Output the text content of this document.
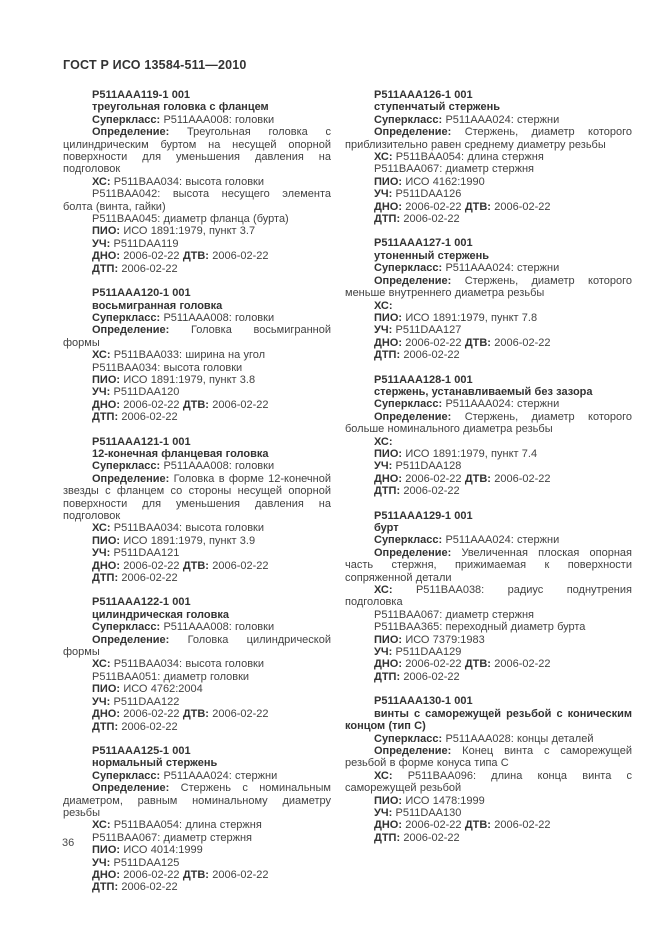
ГОСТ Р ИСО 13584-511—2010

P511AAA119-1 001

треугольная головка с фланцем

Суперкласс: P511AAA008: головки

Определение: Треугольная головка с цилиндрическим буртом на несущей опорной поверхности для уменьшения давления на подголовок

ХС: P511BAA034: высота головки

P511BAA042: высота несущего элемента болта (винта, гайки)

P511BAA045: диаметр фланца (бурта)

ПИО: ИСО 1891:1979, пункт 3.7

УЧ: P511DAA119

ДНО: 2006-02-22 ДТВ: 2006-02-22

ДТП: 2006-02-22

P511AAA120-1 001

восьмигранная головка

Суперкласс: P511AAA008: головки

Определение: Головка восьмигранной формы

ХС: P511BAA033: ширина на угол

P511BAA034: высота головки

ПИО: ИСО 1891:1979, пункт 3.8

УЧ: P511DAA120

ДНО: 2006-02-22 ДТВ: 2006-02-22

ДТП: 2006-02-22

P511AAA121-1 001

12-конечная фланцевая головка

Суперкласс: P511AAA008: головки

Определение: Головка в форме 12-конечной звезды с фланцем со стороны несущей опорной поверхности для уменьшения давления на подголовок

ХС: P511BAA034: высота головки

ПИО: ИСО 1891:1979, пункт 3.9

УЧ: P511DAA121

ДНО: 2006-02-22 ДТВ: 2006-02-22

ДТП: 2006-02-22

P511AAA122-1 001

цилиндрическая головка

Суперкласс: P511AAA008: головки

Определение: Головка цилиндрической формы

ХС: P511BAA034: высота головки

P511BAA051: диаметр головки

ПИО: ИСО 4762:2004

УЧ: P511DAA122

ДНО: 2006-02-22 ДТВ: 2006-02-22

ДТП: 2006-02-22

P511AAA125-1 001

нормальный стержень

Суперкласс: P511AAA024: стержни

Определение: Стержень с номинальным диаметром, равным номинальному диаметру резьбы

ХС: P511BAA054: длина стержня

P511BAA067: диаметр стержня

ПИО: ИСО 4014:1999

УЧ: P511DAA125

ДНО: 2006-02-22 ДТВ: 2006-02-22

ДТП: 2006-02-22

P511AAA126-1 001

ступенчатый стержень

Суперкласс: P511AAA024: стержни

Определение: Стержень, диаметр которого приблизительно равен среднему диаметру резьбы

ХС: P511BAA054: длина стержня

P511BAA067: диаметр стержня

ПИО: ИСО 4162:1990

УЧ: P511DAA126

ДНО: 2006-02-22 ДТВ: 2006-02-22

ДТП: 2006-02-22

P511AAA127-1 001

утоненный стержень

Суперкласс: P511AAA024: стержни

Определение: Стержень, диаметр которого меньше внутреннего диаметра резьбы

ХС:

ПИО: ИСО 1891:1979, пункт 7.8

УЧ: P511DAA127

ДНО: 2006-02-22 ДТВ: 2006-02-22

ДТП: 2006-02-22

P511AAA128-1 001

стержень, устанавливаемый без зазора

Суперкласс: P511AAA024: стержни

Определение: Стержень, диаметр которого больше номинального диаметра резьбы

ХС:

ПИО: ИСО 1891:1979, пункт 7.4

УЧ: P511DAA128

ДНО: 2006-02-22 ДТВ: 2006-02-22

ДТП: 2006-02-22

P511AAA129-1 001

бурт

Суперкласс: P511AAA024: стержни

Определение: Увеличенная плоская опорная часть стержня, прижимаемая к поверхности сопряженной детали

ХС: P511BAA038: радиус поднутрения подголовка

P511BAA067: диаметр стержня

P511BAA365: переходный диаметр бурта

ПИО: ИСО 7379:1983

УЧ: P511DAA129

ДНО: 2006-02-22 ДТВ: 2006-02-22

ДТП: 2006-02-22

P511AAA130-1 001

винты с саморежущей резьбой с коническим концом (тип С)

Суперкласс: P511AAA028: концы деталей

Определение: Конец винта с саморежущей резьбой в форме конуса типа С

ХС: P511BAA096: длина конца винта с саморежущей резьбой

ПИО: ИСО 1478:1999

УЧ: P511DAA130

ДНО: 2006-02-22 ДТВ: 2006-02-22

ДТП: 2006-02-22

36
